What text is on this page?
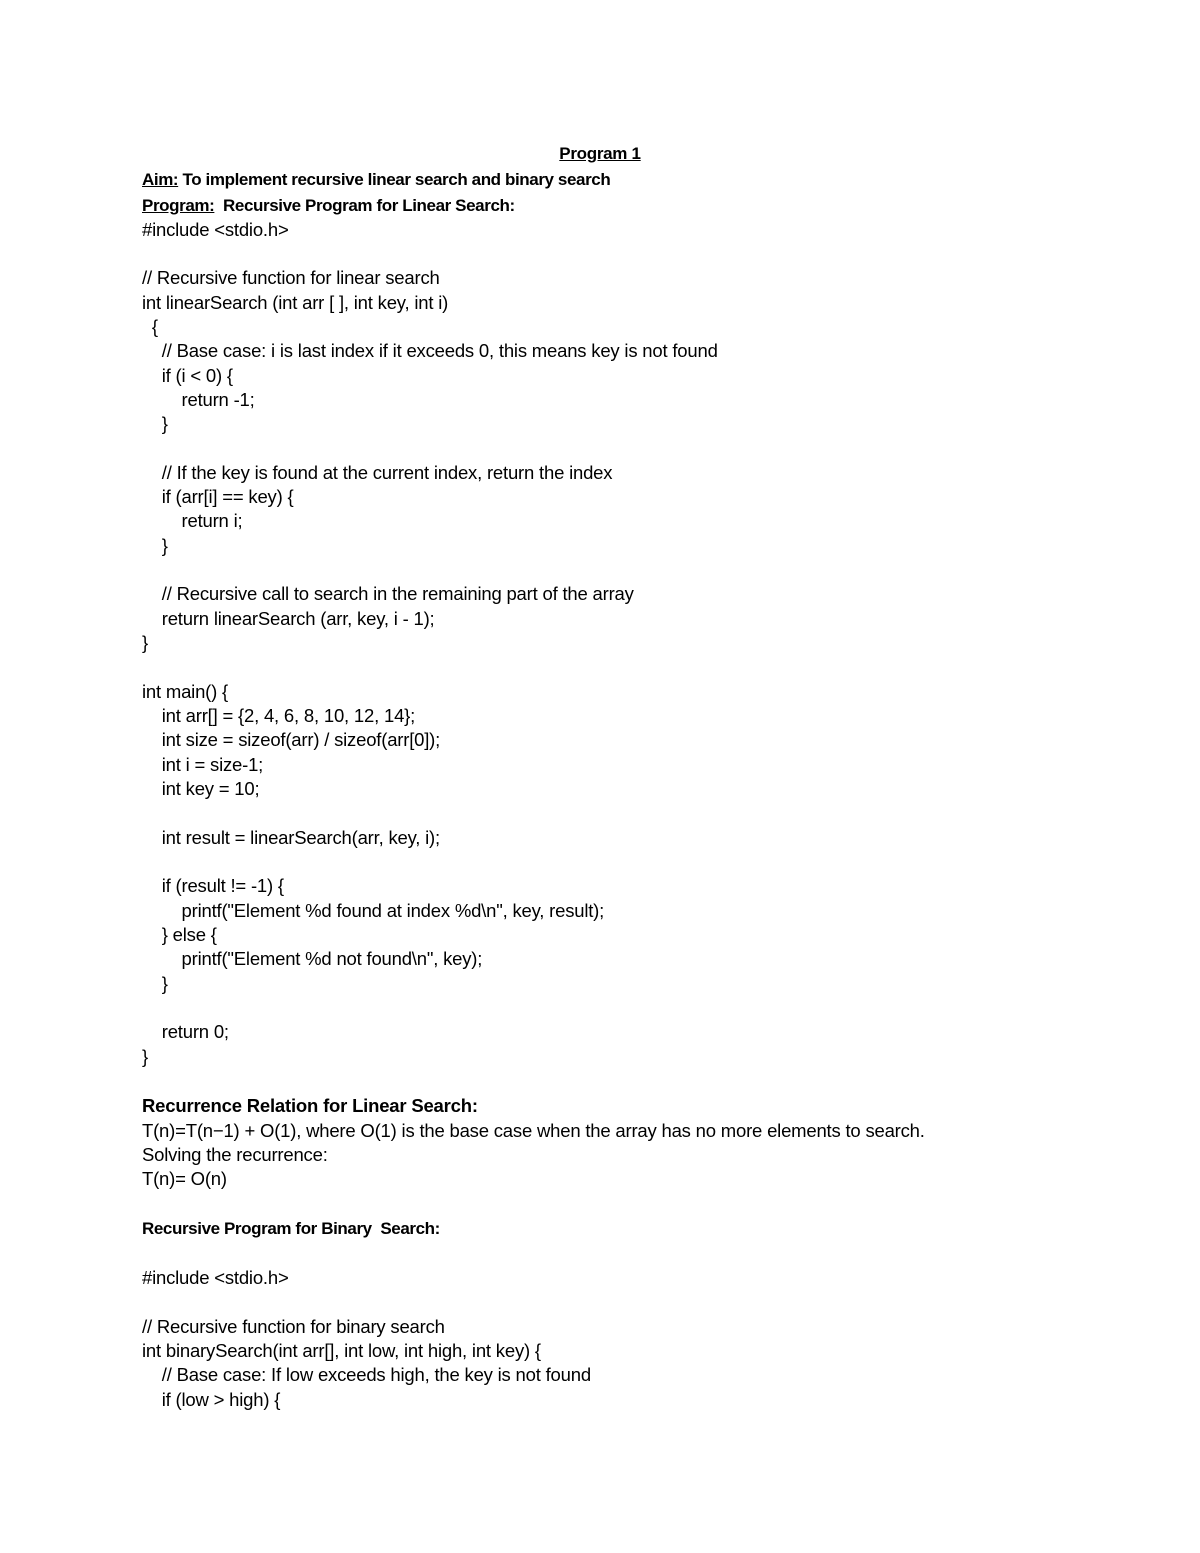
Program 1
Aim: To implement recursive linear search and binary search
Program:  Recursive Program for Linear Search:
#include <stdio.h>
// Recursive function for linear search
int linearSearch (int arr [ ], int key, int i)
{
// Base case: i is last index if it exceeds 0, this means key is not found
if (i < 0) {
return -1;
}
// If the key is found at the current index, return the index
if (arr[i] == key) {
return i;
}
// Recursive call to search in the remaining part of the array
return linearSearch (arr, key, i - 1);
}
int main() {
int arr[] = {2, 4, 6, 8, 10, 12, 14};
int size = sizeof(arr) / sizeof(arr[0]);
int i = size-1;
int key = 10;
int result = linearSearch(arr, key, i);
if (result != -1) {
printf("Element %d found at index %d\n", key, result);
} else {
printf("Element %d not found\n", key);
}
return 0;
}
Recurrence Relation for Linear Search:
T(n)=T(n−1) + O(1), where O(1) is the base case when the array has no more elements to search.
Solving the recurrence:
T(n)= O(n)
Recursive Program for Binary  Search:
#include <stdio.h>
// Recursive function for binary search
int binarySearch(int arr[], int low, int high, int key) {
// Base case: If low exceeds high, the key is not found
if (low > high) {
